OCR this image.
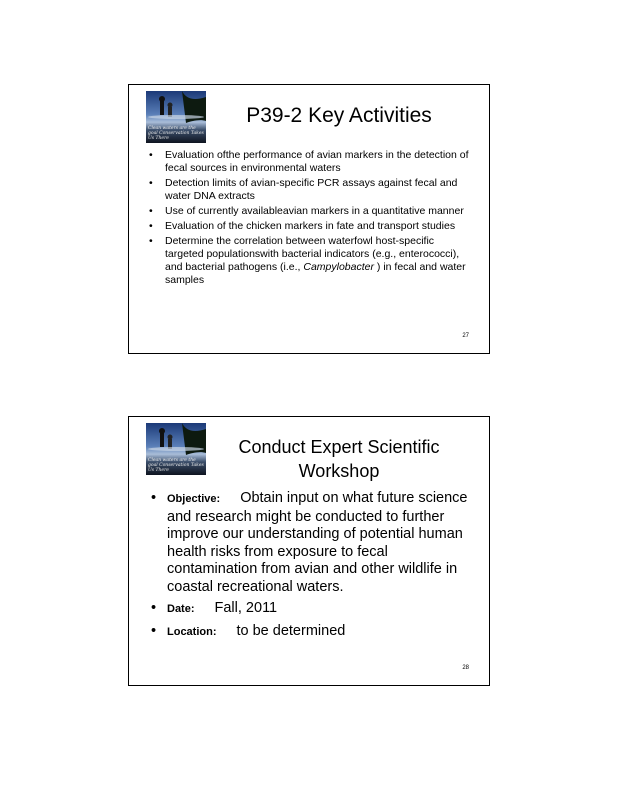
Clean waters are the goal Conservation Takes Us There
P39-2 Key Activities
• Evaluation ofthe performance of avian markers in the detection of fecal sources in environmental waters
• Detection limits of avian-specific PCR assays against fecal and water DNA extracts
• Use of currently availableavian markers in a quantitative manner
• Evaluation of the chicken markers in fate and transport studies
• Determine the correlation between waterfowl host-specific targeted populationswith bacterial indicators (e.g., enterococci), and bacterial pathogens (i.e., Campylobacter ) in fecal and water samples
27
Clean waters are the goal Conservation Takes Us There
Conduct Expert Scientific Workshop
• Objective: Obtain input on what future science and research might be conducted to further improve our understanding of potential human health risks from exposure to fecal contamination from avian and other wildlife in coastal recreational waters.
• Date: Fall, 2011
• Location: to be determined
28
